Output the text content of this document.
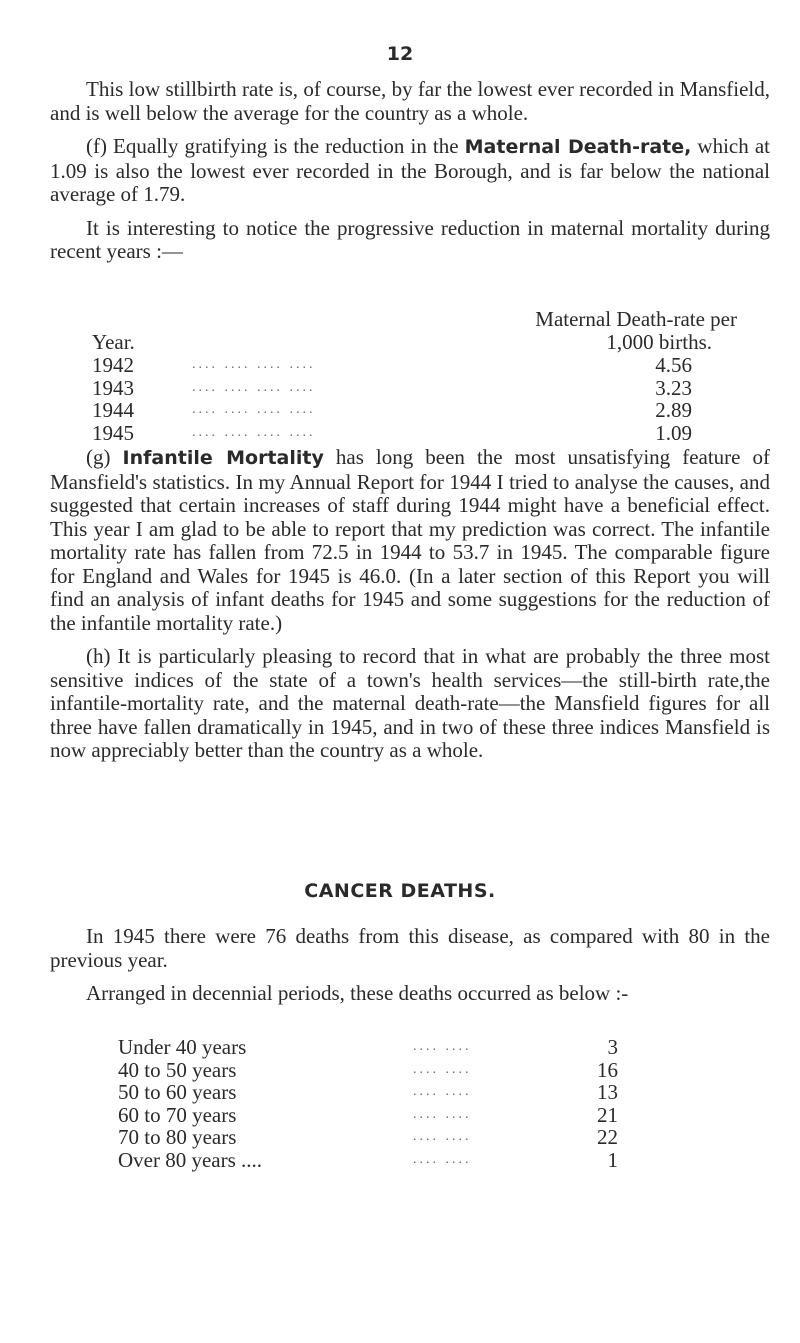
12

This low stillbirth rate is, of course, by far the lowest ever recorded in Mansfield, and is well below the average for the country as a whole.

(f) Equally gratifying is the reduction in the Maternal Death-rate, which at 1.09 is also the lowest ever recorded in the Borough, and is far below the national average of 1.79.

It is interesting to notice the progressive reduction in maternal mortality during recent years :—

Maternal Death-rate per
Year.	1,000 births.
1942	.... .... .... ....	4.56
1943	.... .... .... ....	3.23
1944	.... .... .... ....	2.89
1945	.... .... .... ....	1.09

(g) Infantile Mortality has long been the most unsatisfying feature of Mansfield's statistics. In my Annual Report for 1944 I tried to analyse the causes, and suggested that certain increases of staff during 1944 might have a beneficial effect. This year I am glad to be able to report that my prediction was correct. The infantile mortality rate has fallen from 72.5 in 1944 to 53.7 in 1945. The comparable figure for England and Wales for 1945 is 46.0. (In a later section of this Report you will find an analysis of infant deaths for 1945 and some suggestions for the reduction of the infantile mortality rate.)

(h) It is particularly pleasing to record that in what are probably the three most sensitive indices of the state of a town's health services—the still-birth rate,the infantile-mortality rate, and the maternal death-rate—the Mansfield figures for all three have fallen dramatically in 1945, and in two of these three indices Mansfield is now appreciably better than the country as a whole.

CANCER DEATHS.

In 1945 there were 76 deaths from this disease, as compared with 80 in the previous year.

Arranged in decennial periods, these deaths occurred as below :-

Under 40 years	.... ....	3
40 to 50 years	.... ....	16
50 to 60 years	.... ....	13
60 to 70 years	.... ....	21
70 to 80 years	.... ....	22
Over 80 years ....	.... ....	1
